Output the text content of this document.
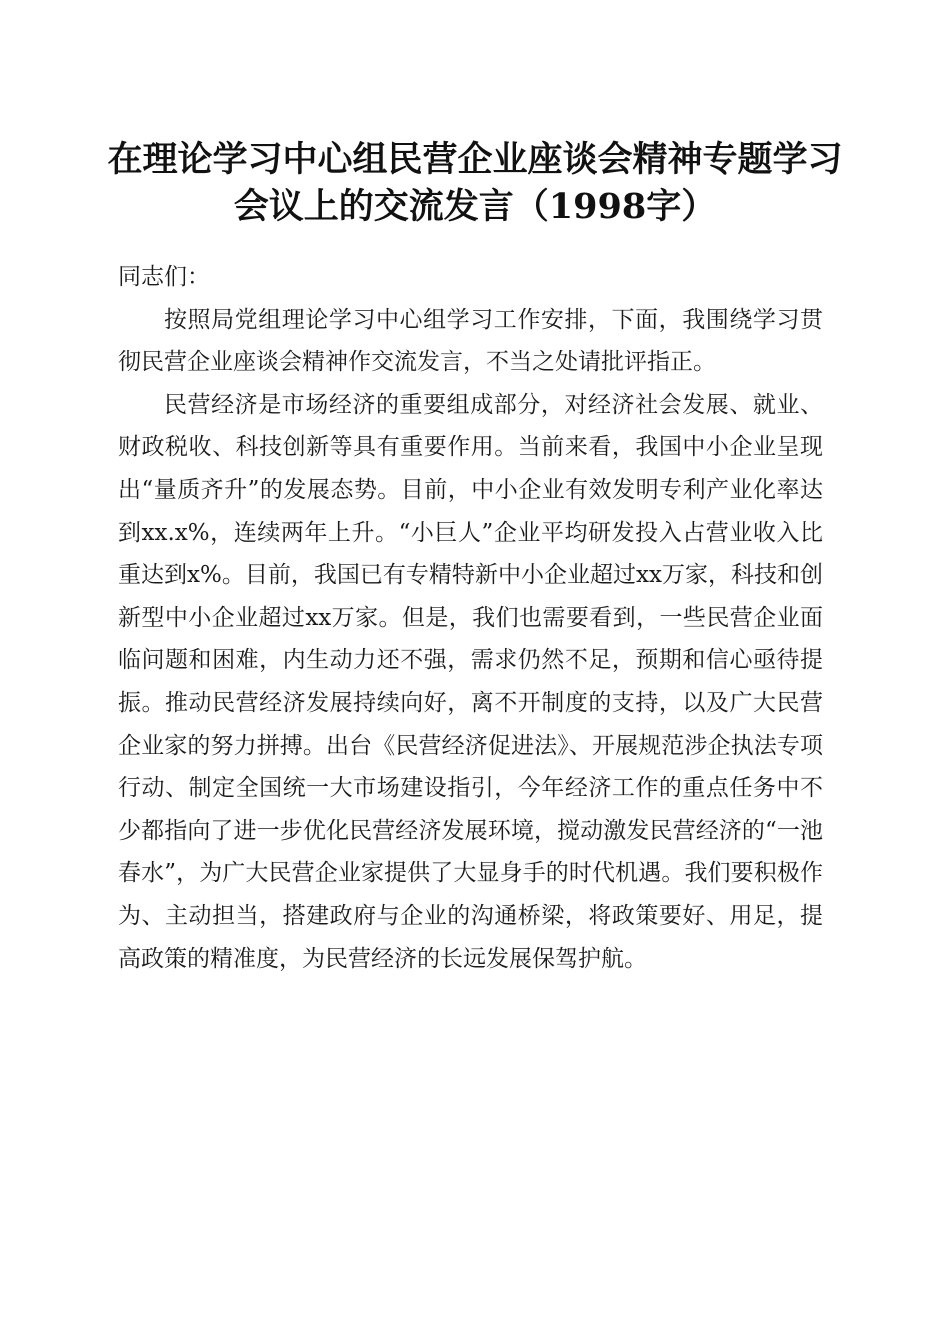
在理论学习中心组民营企业座谈会精神专题学习会议上的交流发言（1998字）

同志们：

按照局党组理论学习中心组学习工作安排，下面，我围绕学习贯彻民营企业座谈会精神作交流发言，不当之处请批评指正。

民营经济是市场经济的重要组成部分，对经济社会发展、就业、财政税收、科技创新等具有重要作用。当前来看，我国中小企业呈现出“量质齐升”的发展态势。目前，中小企业有效发明专利产业化率达到xx.x%，连续两年上升。“小巨人”企业平均研发投入占营业收入比重达到x%。目前，我国已有专精特新中小企业超过xx万家，科技和创新型中小企业超过xx万家。但是，我们也需要看到，一些民营企业面临问题和困难，内生动力还不强，需求仍然不足，预期和信心亟待提振。推动民营经济发展持续向好，离不开制度的支持，以及广大民营企业家的努力拼搏。出台《民营经济促进法》、开展规范涉企执法专项行动、制定全国统一大市场建设指引，今年经济工作的重点任务中不少都指向了进一步优化民营经济发展环境，搅动激发民营经济的“一池春水”，为广大民营企业家提供了大显身手的时代机遇。我们要积极作为、主动担当，搭建政府与企业的沟通桥梁，将政策要好、用足，提高政策的精准度，为民营经济的长远发展保驾护航。
